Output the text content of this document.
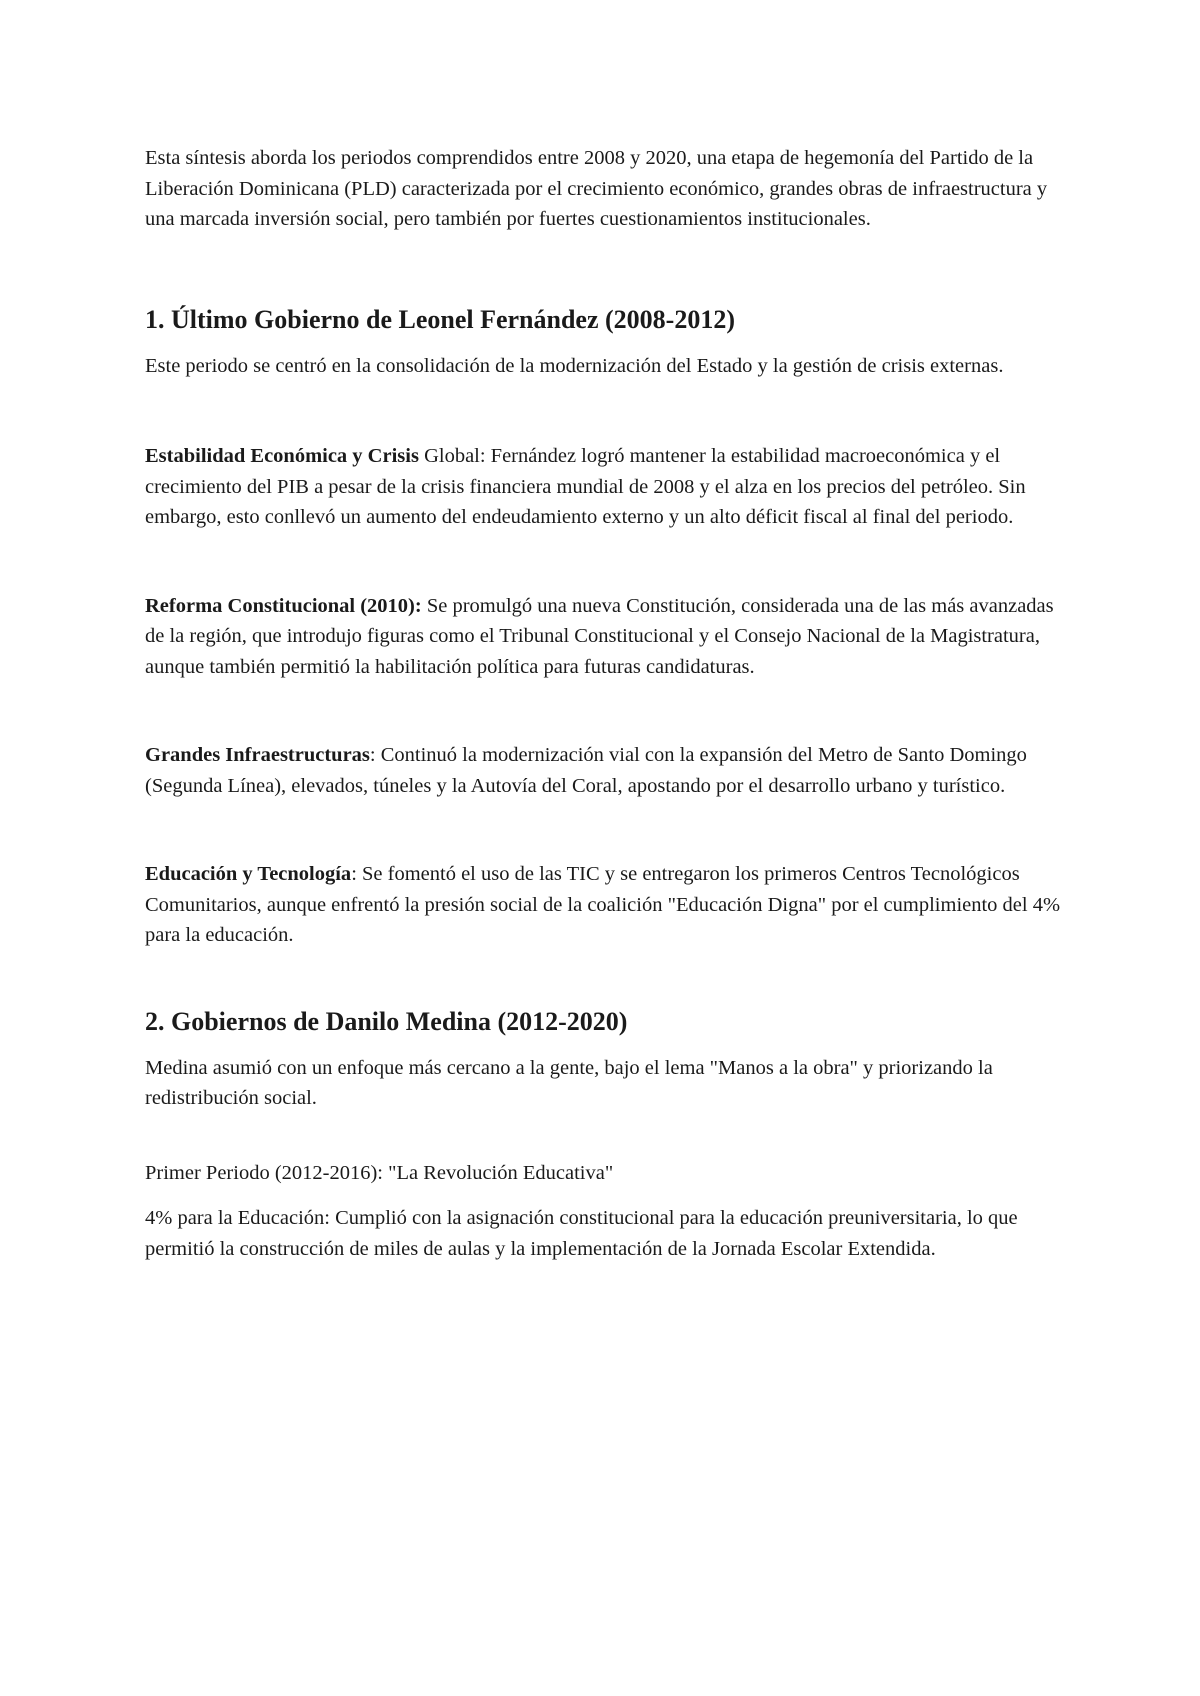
Esta síntesis aborda los periodos comprendidos entre 2008 y 2020, una etapa de hegemonía del Partido de la Liberación Dominicana (PLD) caracterizada por el crecimiento económico, grandes obras de infraestructura y una marcada inversión social, pero también por fuertes cuestionamientos institucionales.

1. Último Gobierno de Leonel Fernández (2008-2012)

Este periodo se centró en la consolidación de la modernización del Estado y la gestión de crisis externas.

Estabilidad Económica y Crisis Global: Fernández logró mantener la estabilidad macroeconómica y el crecimiento del PIB a pesar de la crisis financiera mundial de 2008 y el alza en los precios del petróleo. Sin embargo, esto conllevó un aumento del endeudamiento externo y un alto déficit fiscal al final del periodo.

Reforma Constitucional (2010): Se promulgó una nueva Constitución, considerada una de las más avanzadas de la región, que introdujo figuras como el Tribunal Constitucional y el Consejo Nacional de la Magistratura, aunque también permitió la habilitación política para futuras candidaturas.

Grandes Infraestructuras: Continuó la modernización vial con la expansión del Metro de Santo Domingo (Segunda Línea), elevados, túneles y la Autovía del Coral, apostando por el desarrollo urbano y turístico.

Educación y Tecnología: Se fomentó el uso de las TIC y se entregaron los primeros Centros Tecnológicos Comunitarios, aunque enfrentó la presión social de la coalición "Educación Digna" por el cumplimiento del 4% para la educación.

2. Gobiernos de Danilo Medina (2012-2020)

Medina asumió con un enfoque más cercano a la gente, bajo el lema "Manos a la obra" y priorizando la redistribución social.

Primer Periodo (2012-2016): "La Revolución Educativa"

4% para la Educación: Cumplió con la asignación constitucional para la educación preuniversitaria, lo que permitió la construcción de miles de aulas y la implementación de la Jornada Escolar Extendida.
